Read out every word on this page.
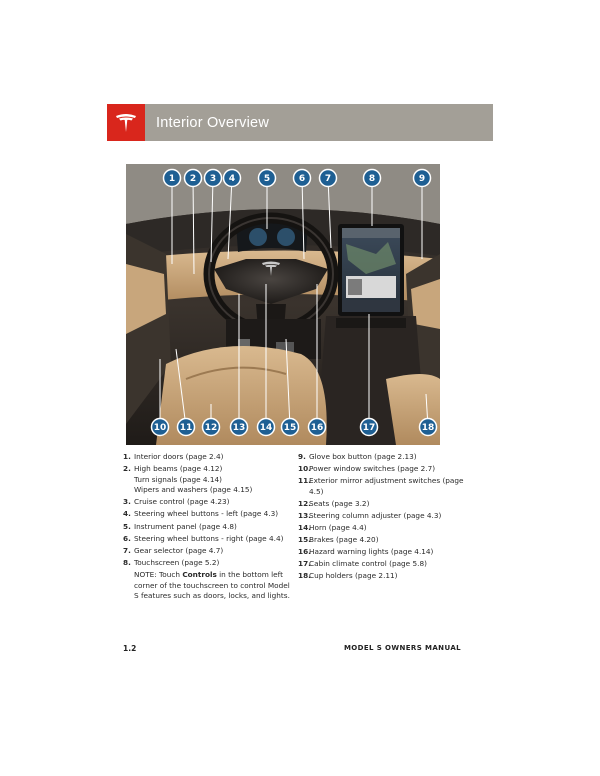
Interior Overview
1 2 3 4	5	6 7	8	9
10 11 12 13 14 15 16	17	18
1. Interior doors (page 2.4)
2. High beams (page 4.12)
Turn signals (page 4.14)
Wipers and washers (page 4.15)
3. Cruise control (page 4.23)
4. Steering wheel buttons - left (page 4.3)
5. Instrument panel (page 4.8)
6. Steering wheel buttons - right (page 4.4)
7. Gear selector (page 4.7)
8. Touchscreen (page 5.2)
NOTE: Touch Controls in the bottom left corner of the touchscreen to control Model S features such as doors, locks, and lights.
9. Glove box button (page 2.13)
10.
Power window switches (page 2.7)
11.
Exterior mirror adjustment switches (page 4.5)
12.
Seats (page 3.2)
13.
Steering column adjuster (page 4.3)
14.
Horn (page 4.4)
15.
Brakes (page 4.20)
16.
Hazard warning lights (page 4.14)
17.
Cabin climate control (page 5.8)
18.
Cup holders (page 2.11)
1.2	MODEL S OWNERS MANUAL
